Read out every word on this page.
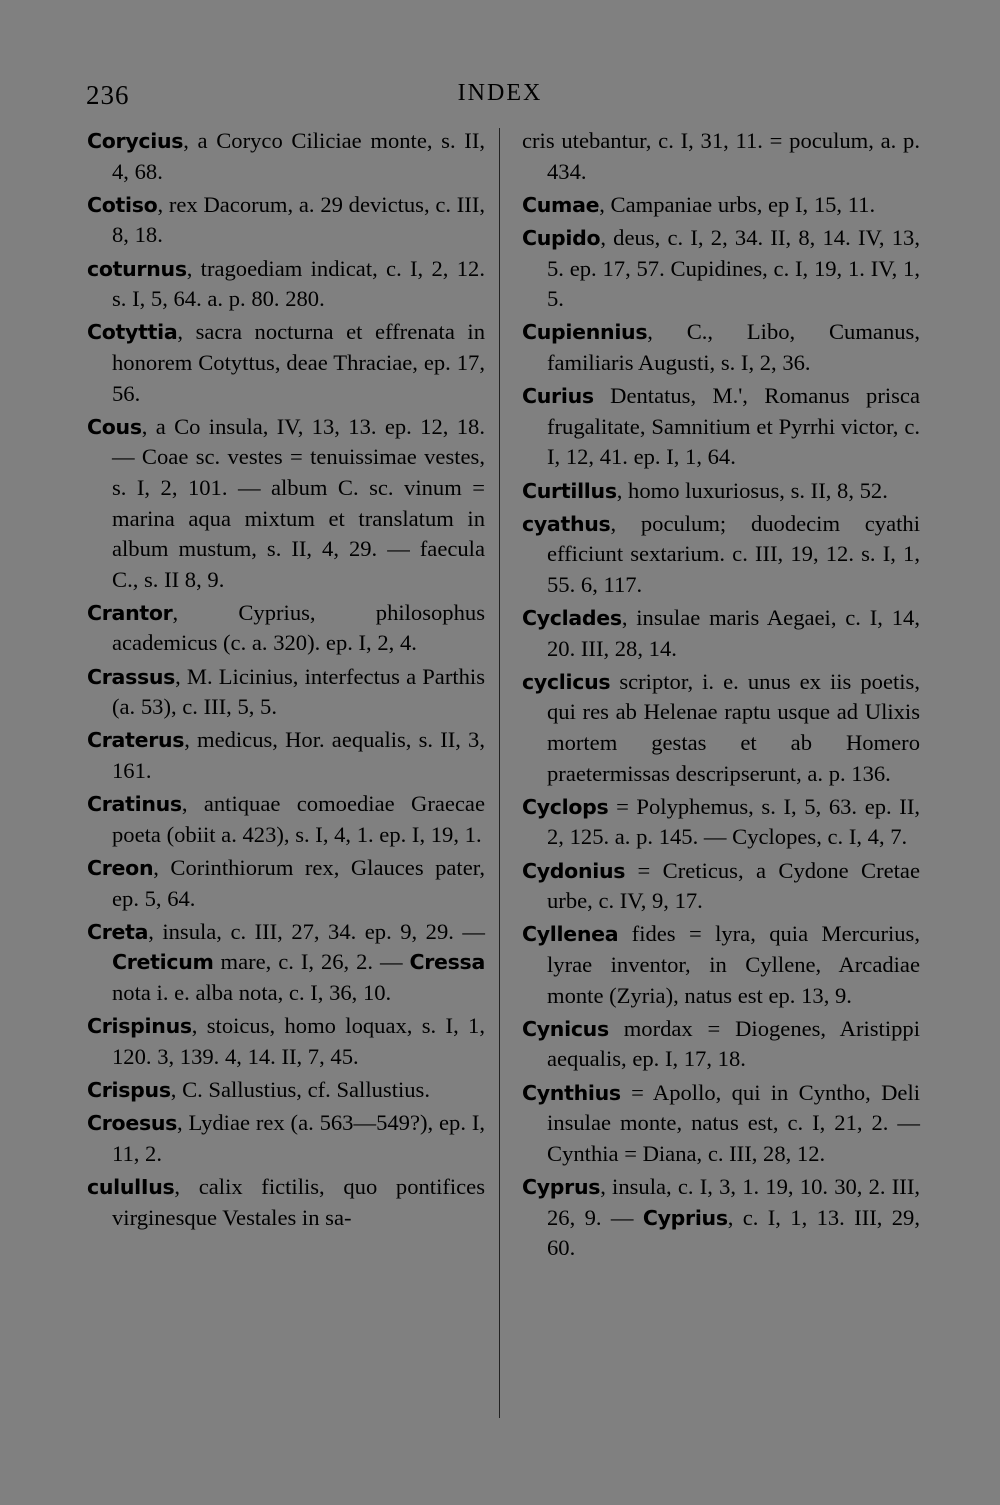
236	INDEX

Corycius, a Coryco Ciliciae monte, s. II, 4, 68.

Cotiso, rex Dacorum, a. 29 devictus, c. III, 8, 18.

coturnus, tragoediam indicat, c. I, 2, 12. s. I, 5, 64. a. p. 80. 280.

Cotyttia, sacra nocturna et effrenata in honorem Cotyttus, deae Thraciae, ep. 17, 56.

Cous, a Co insula, IV, 13, 13. ep. 12, 18. — Coae sc. vestes = tenuissimae vestes, s. I, 2, 101. — album C. sc. vinum = marina aqua mixtum et translatum in album mustum, s. II, 4, 29. — faecula C., s. II 8, 9.

Crantor, Cyprius, philosophus academicus (c. a. 320). ep. I, 2, 4.

Crassus, M. Licinius, interfectus a Parthis (a. 53), c. III, 5, 5.

Craterus, medicus, Hor. aequalis, s. II, 3, 161.

Cratinus, antiquae comoediae Graecae poeta (obiit a. 423), s. I, 4, 1. ep. I, 19, 1.

Creon, Corinthiorum rex, Glauces pater, ep. 5, 64.

Creta, insula, c. III, 27, 34. ep. 9, 29. — Creticum mare, c. I, 26, 2. — Cressa nota i. e. alba nota, c. I, 36, 10.

Crispinus, stoicus, homo loquax, s. I, 1, 120. 3, 139. 4, 14. II, 7, 45.

Crispus, C. Sallustius, cf. Sallustius.

Croesus, Lydiae rex (a. 563—549?), ep. I, 11, 2.

cululIus, calix fictilis, quo pontifices virginesque Vestales in sa-

cris utebantur, c. I, 31, 11. = poculum, a. p. 434.

Cumae, Campaniae urbs, ep I, 15, 11.

Cupido, deus, c. I, 2, 34. II, 8, 14. IV, 13, 5. ep. 17, 57. Cupidines, c. I, 19, 1. IV, 1, 5.

Cupiennius, C., Libo, Cumanus, familiaris Augusti, s. I, 2, 36.

Curius Dentatus, M.', Romanus prisca frugalitate, Samnitium et Pyrrhi victor, c. I, 12, 41. ep. I, 1, 64.

Curtillus, homo luxuriosus, s. II, 8, 52.

cyathus, poculum; duodecim cyathi efficiunt sextarium. c. III, 19, 12. s. I, 1, 55. 6, 117.

Cyclades, insulae maris Aegaei, c. I, 14, 20. III, 28, 14.

cyclicus scriptor, i. e. unus ex iis poetis, qui res ab Helenae raptu usque ad Ulixis mortem gestas et ab Homero praetermissas descripserunt, a. p. 136.

Cyclops = Polyphemus, s. I, 5, 63. ep. II, 2, 125. a. p. 145. — Cyclopes, c. I, 4, 7.

Cydonius = Creticus, a Cydone Cretae urbe, c. IV, 9, 17.

Cyllenea fides = lyra, quia Mercurius, lyrae inventor, in Cyllene, Arcadiae monte (Zyria), natus est ep. 13, 9.

Cynicus mordax = Diogenes, Aristippi aequalis, ep. I, 17, 18.

Cynthius = Apollo, qui in Cyntho, Deli insulae monte, natus est, c. I, 21, 2. — Cynthia = Diana, c. III, 28, 12.

Cyprus, insula, c. I, 3, 1. 19, 10. 30, 2. III, 26, 9. — Cyprius, c. I, 1, 13. III, 29, 60.
